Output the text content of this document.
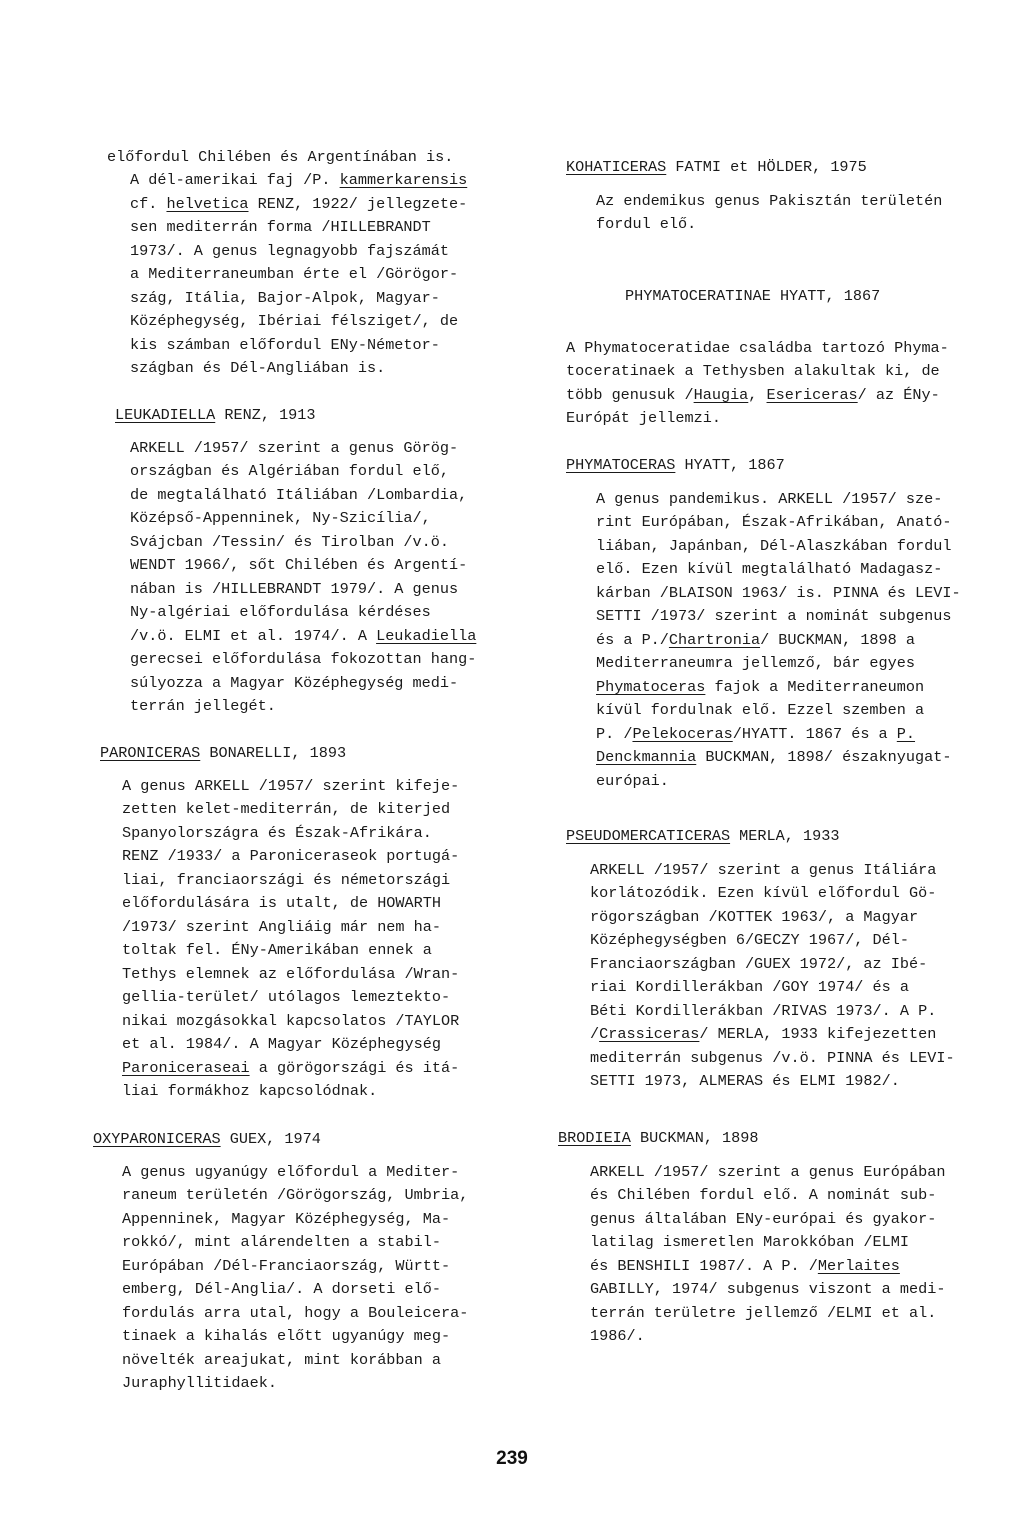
előfordul Chilében és Argentínában is.
A dél-amerikai faj /P. kammerkarensis
cf. helvetica RENZ, 1922/ jellegzete-
sen mediterrán forma /HILLEBRANDT
1973/. A genus legnagyobb fajszámát
a Mediterraneumban érte el /Görögor-
szág, Itália, Bajor-Alpok, Magyar-
Középhegység, Ibériai félsziget/, de
kis számban előfordul ENy-Németor-
szágban és Dél-Angliában is.
LEUKADIELLA RENZ, 1913
ARKELL /1957/ szerint a genus Görög-
országban és Algériában fordul elő,
de megtalálható Itáliában /Lombardia,
Középső-Appenninek, Ny-Szicília/,
Svájcban /Tessin/ és Tirolban /v.ö.
WENDT 1966/, sőt Chilében és Argentí-
nában is /HILLEBRANDT 1979/. A genus
Ny-algériai előfordulása kérdéses
/v.ö. ELMI et al. 1974/. A Leukadiella
gerecsei előfordulása fokozottan hang-
súlyozza a Magyar Középhegység medi-
terrán jellegét.
PARONICERAS BONARELLI, 1893
A genus ARKELL /1957/ szerint kifeje-
zetten kelet-mediterrán, de kiterjed
Spanyolországra és Észak-Afrikára.
RENZ /1933/ a Paroniceraseok portugá-
liai, franciaországi és németországi
előfordulására is utalt, de HOWARTH
/1973/ szerint Angliáig már nem ha-
toltak fel. ÉNy-Amerikában ennek a
Tethys elemnek az előfordulása /Wran-
gellia-terület/ utólagos lemeztekto-
nikai mozgásokkal kapcsolatos /TAYLOR
et al. 1984/. A Magyar Középhegység
Paroniceraseai a görögországi és itá-
liai formákhoz kapcsolódnak.
OXYPARONICERAS GUEX, 1974
A genus ugyanúgy előfordul a Mediter-
raneum területén /Görögország, Umbria,
Appenninek, Magyar Középhegység, Ma-
rokkó/, mint alárendelten a stabil-
Európában /Dél-Franciaország, Württ-
emberg, Dél-Anglia/. A dorseti elő-
fordulás arra utal, hogy a Bouleicera-
tinaek a kihalás előtt ugyanúgy meg-
növelték areajukat, mint korábban a
Juraphyllitidaek.
KOHATICERAS FATMI et HÖLDER, 1975
Az endemikus genus Pakisztán területén
fordul elő.
PHYMATOCERATINAE HYATT, 1867
A Phymatoceratidae családba tartozó Phyma-
toceratinaek a Tethysben alakultak ki, de
több genusuk /Haugia, Esericeras/ az ÉNy-
Európát jellemzi.
PHYMATOCERAS HYATT, 1867
A genus pandemikus. ARKELL /1957/ sze-
rint Európában, Észak-Afrikában, Anató-
liában, Japánban, Dél-Alaszkában fordul
elő. Ezen kívül megtalálható Madagasz-
kárban /BLAISON 1963/ is. PINNA és LEVI-
SETTI /1973/ szerint a nominát subgenus
és a P./Chartronia/ BUCKMAN, 1898 a
Mediterraneumra jellemző, bár egyes
Phymatoceras fajok a Mediterraneumon
kívül fordulnak elő. Ezzel szemben a
P. /Pelekoceras/HYATT. 1867 és a P.
Denckmannia BUCKMAN, 1898/ északnyugat-
európai.
PSEUDOMERCATICERAS MERLA, 1933
ARKELL /1957/ szerint a genus Itáliára
korlátozódik. Ezen kívül előfordul Gö-
rögországban /KOTTEK 1963/, a Magyar
Középhegységben 6/GECZY 1967/, Dél-
Franciaországban /GUEX 1972/, az Ibé-
riai Kordillerákban /GOY 1974/ és a
Béti Kordillerákban /RIVAS 1973/. A P.
/Crassiceras/ MERLA, 1933 kifejezetten
mediterrán subgenus /v.ö. PINNA és LEVI-
SETTI 1973, ALMERAS és ELMI 1982/.
BRODIEIA BUCKMAN, 1898
ARKELL /1957/ szerint a genus Európában
és Chilében fordul elő. A nominát sub-
genus általában ENy-európai és gyakor-
latilag ismeretlen Marokkóban /ELMI
és BENSHILI 1987/. A P. /Merlaites
GABILLY, 1974/ subgenus viszont a medi-
terrán területre jellemző /ELMI et al.
1986/.
239
